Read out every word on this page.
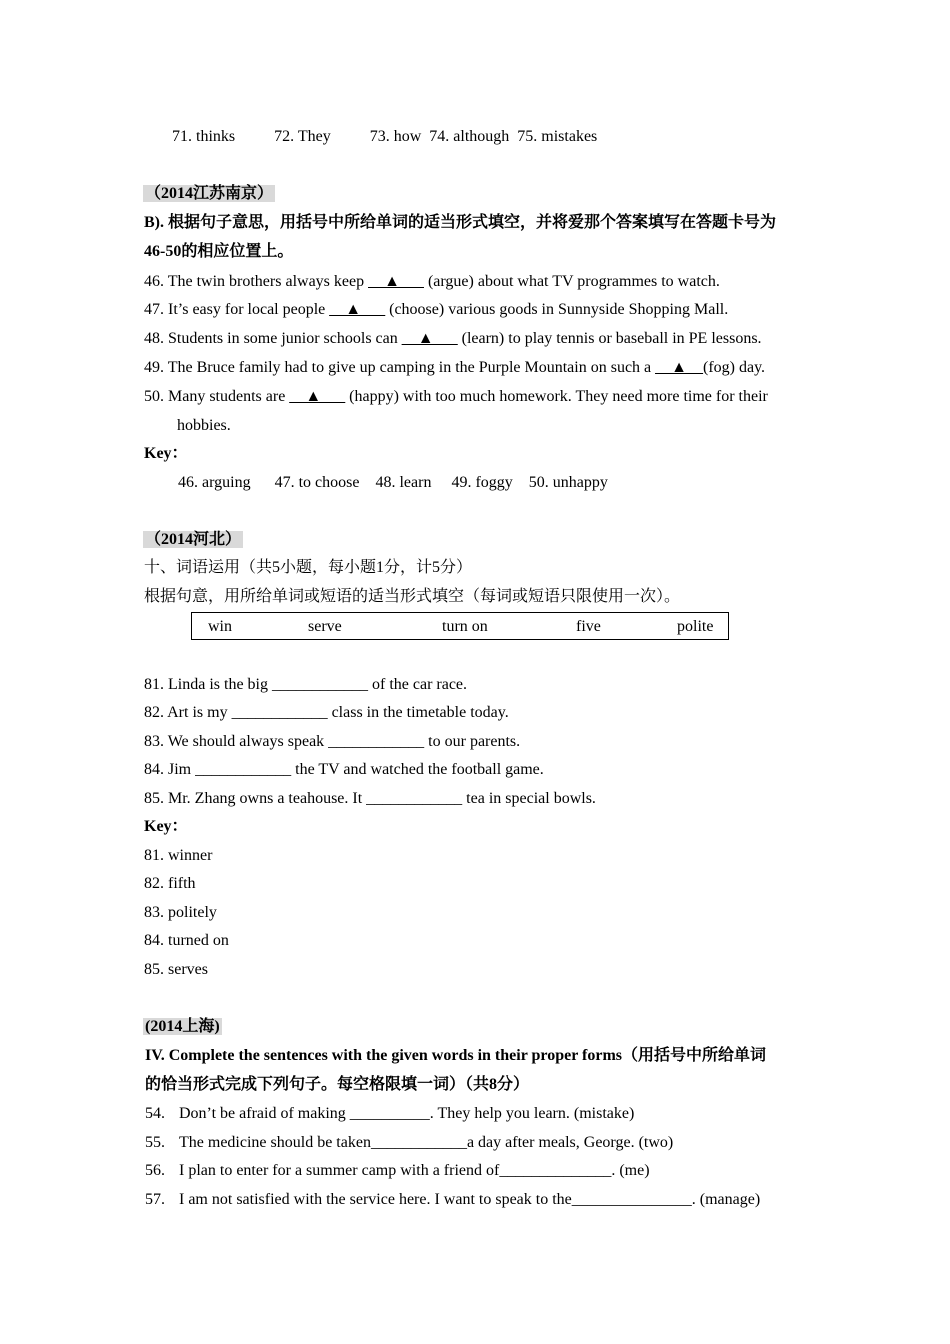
71. thinks 72. They 73. how 74. although 75. mistakes
（2014江苏南京）
B). 根据句子意思，用括号中所给单词的适当形式填空，并将爱那个答案填写在答题卡号为
46-50的相应位置上。
46. The twin brothers always keep __▲___ (argue) about what TV programmes to watch.
47. It’s easy for local people __▲___ (choose) various goods in Sunnyside Shopping Mall.
48. Students in some junior schools can __▲___ (learn) to play tennis or baseball in PE lessons.
49. The Bruce family had to give up camping in the Purple Mountain on such a __▲__(fog) day.
50. Many students are __▲___ (happy) with too much homework. They need more time for their
hobbies.
Key：
46. arguing 47. to choose 48. learn 49. foggy 50. unhappy
（2014河北）
十、词语运用（共5小题，每小题1分，计5分）
根据句意，用所给单词或短语的适当形式填空（每词或短语只限使用一次）。
win	serve	turn on	five	polite
81. Linda is the big ____________ of the car race.
82. Art is my ____________ class in the timetable today.
83. We should always speak ____________ to our parents.
84. Jim ____________ the TV and watched the football game.
85. Mr. Zhang owns a teahouse. It ____________ tea in special bowls.
Key：
81. winner
82. fifth
83. politely
84. turned on
85. serves
(2014上海)
IV. Complete the sentences with the given words in their proper forms（用括号中所给单词
的恰当形式完成下列句子。每空格限填一词）（共8分）
54. Don’t be afraid of making __________. They help you learn. (mistake)
55. The medicine should be taken____________a day after meals, George. (two)
56. I plan to enter for a summer camp with a friend of______________. (me)
57. I am not satisfied with the service here. I want to speak to the_______________. (manage)
